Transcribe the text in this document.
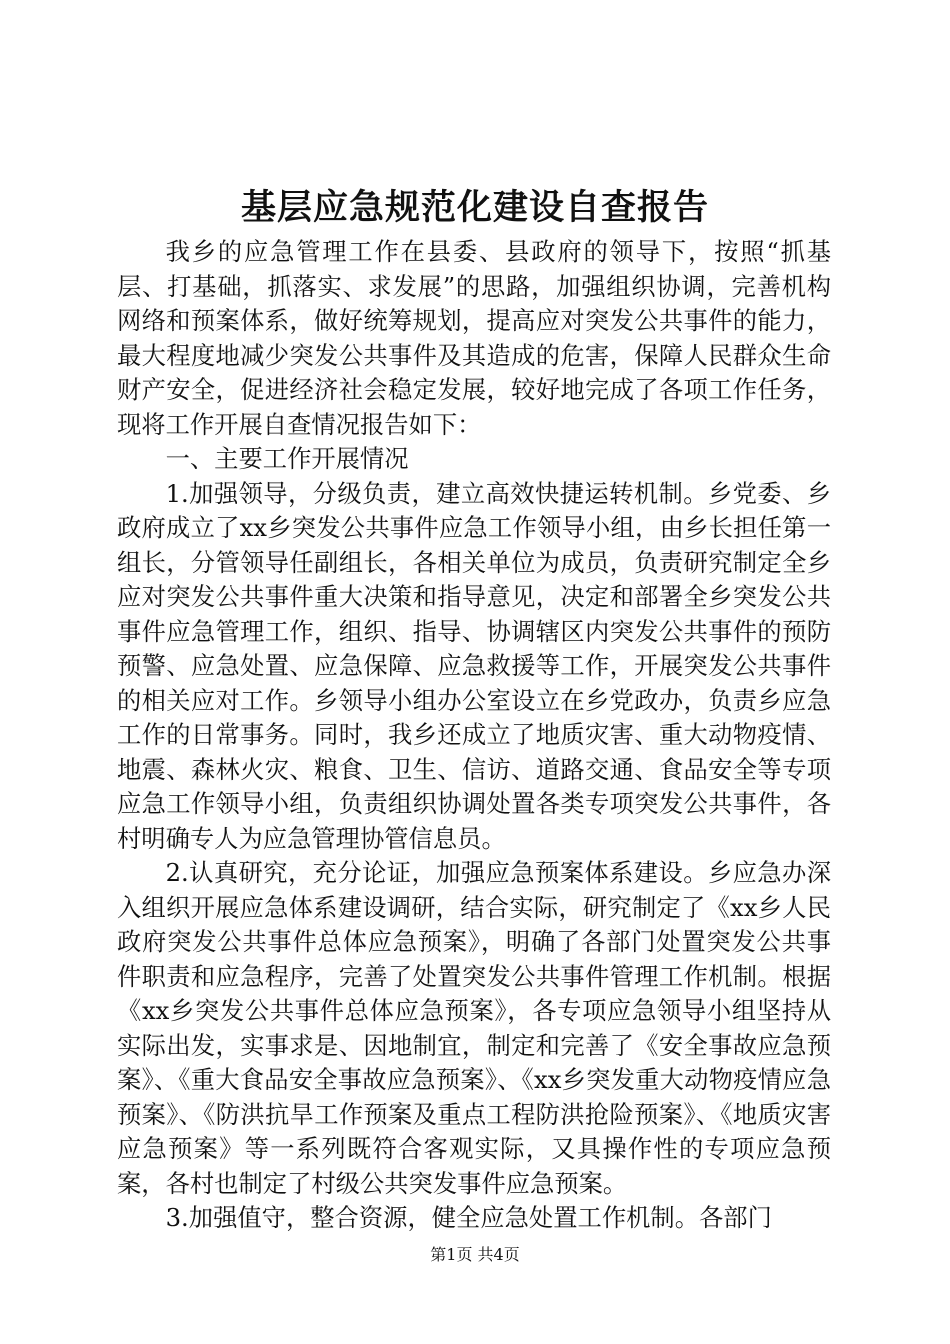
基层应急规范化建设自查报告

我乡的应急管理工作在县委、县政府的领导下，按照“抓基层、打基础，抓落实、求发展”的思路，加强组织协调，完善机构网络和预案体系，做好统筹规划，提高应对突发公共事件的能力，最大程度地减少突发公共事件及其造成的危害，保障人民群众生命财产安全，促进经济社会稳定发展，较好地完成了各项工作任务，现将工作开展自查情况报告如下：

一、主要工作开展情况

1.加强领导，分级负责，建立高效快捷运转机制。乡党委、乡政府成立了xx乡突发公共事件应急工作领导小组，由乡长担任第一组长，分管领导任副组长，各相关单位为成员，负责研究制定全乡应对突发公共事件重大决策和指导意见，决定和部署全乡突发公共事件应急管理工作，组织、指导、协调辖区内突发公共事件的预防预警、应急处置、应急保障、应急救援等工作，开展突发公共事件的相关应对工作。乡领导小组办公室设立在乡党政办，负责乡应急工作的日常事务。同时，我乡还成立了地质灾害、重大动物疫情、地震、森林火灾、粮食、卫生、信访、道路交通、食品安全等专项应急工作领导小组，负责组织协调处置各类专项突发公共事件，各村明确专人为应急管理协管信息员。

2.认真研究，充分论证，加强应急预案体系建设。乡应急办深入组织开展应急体系建设调研，结合实际，研究制定了《xx乡人民政府突发公共事件总体应急预案》，明确了各部门处置突发公共事件职责和应急程序，完善了处置突发公共事件管理工作机制。根据《xx乡突发公共事件总体应急预案》，各专项应急领导小组坚持从实际出发，实事求是、因地制宜，制定和完善了《安全事故应急预案》、《重大食品安全事故应急预案》、《xx乡突发重大动物疫情应急预案》、《防洪抗旱工作预案及重点工程防洪抢险预案》、《地质灾害应急预案》等一系列既符合客观实际，又具操作性的专项应急预案，各村也制定了村级公共突发事件应急预案。

3.加强值守，整合资源，健全应急处置工作机制。各部门

第1页 共4页
